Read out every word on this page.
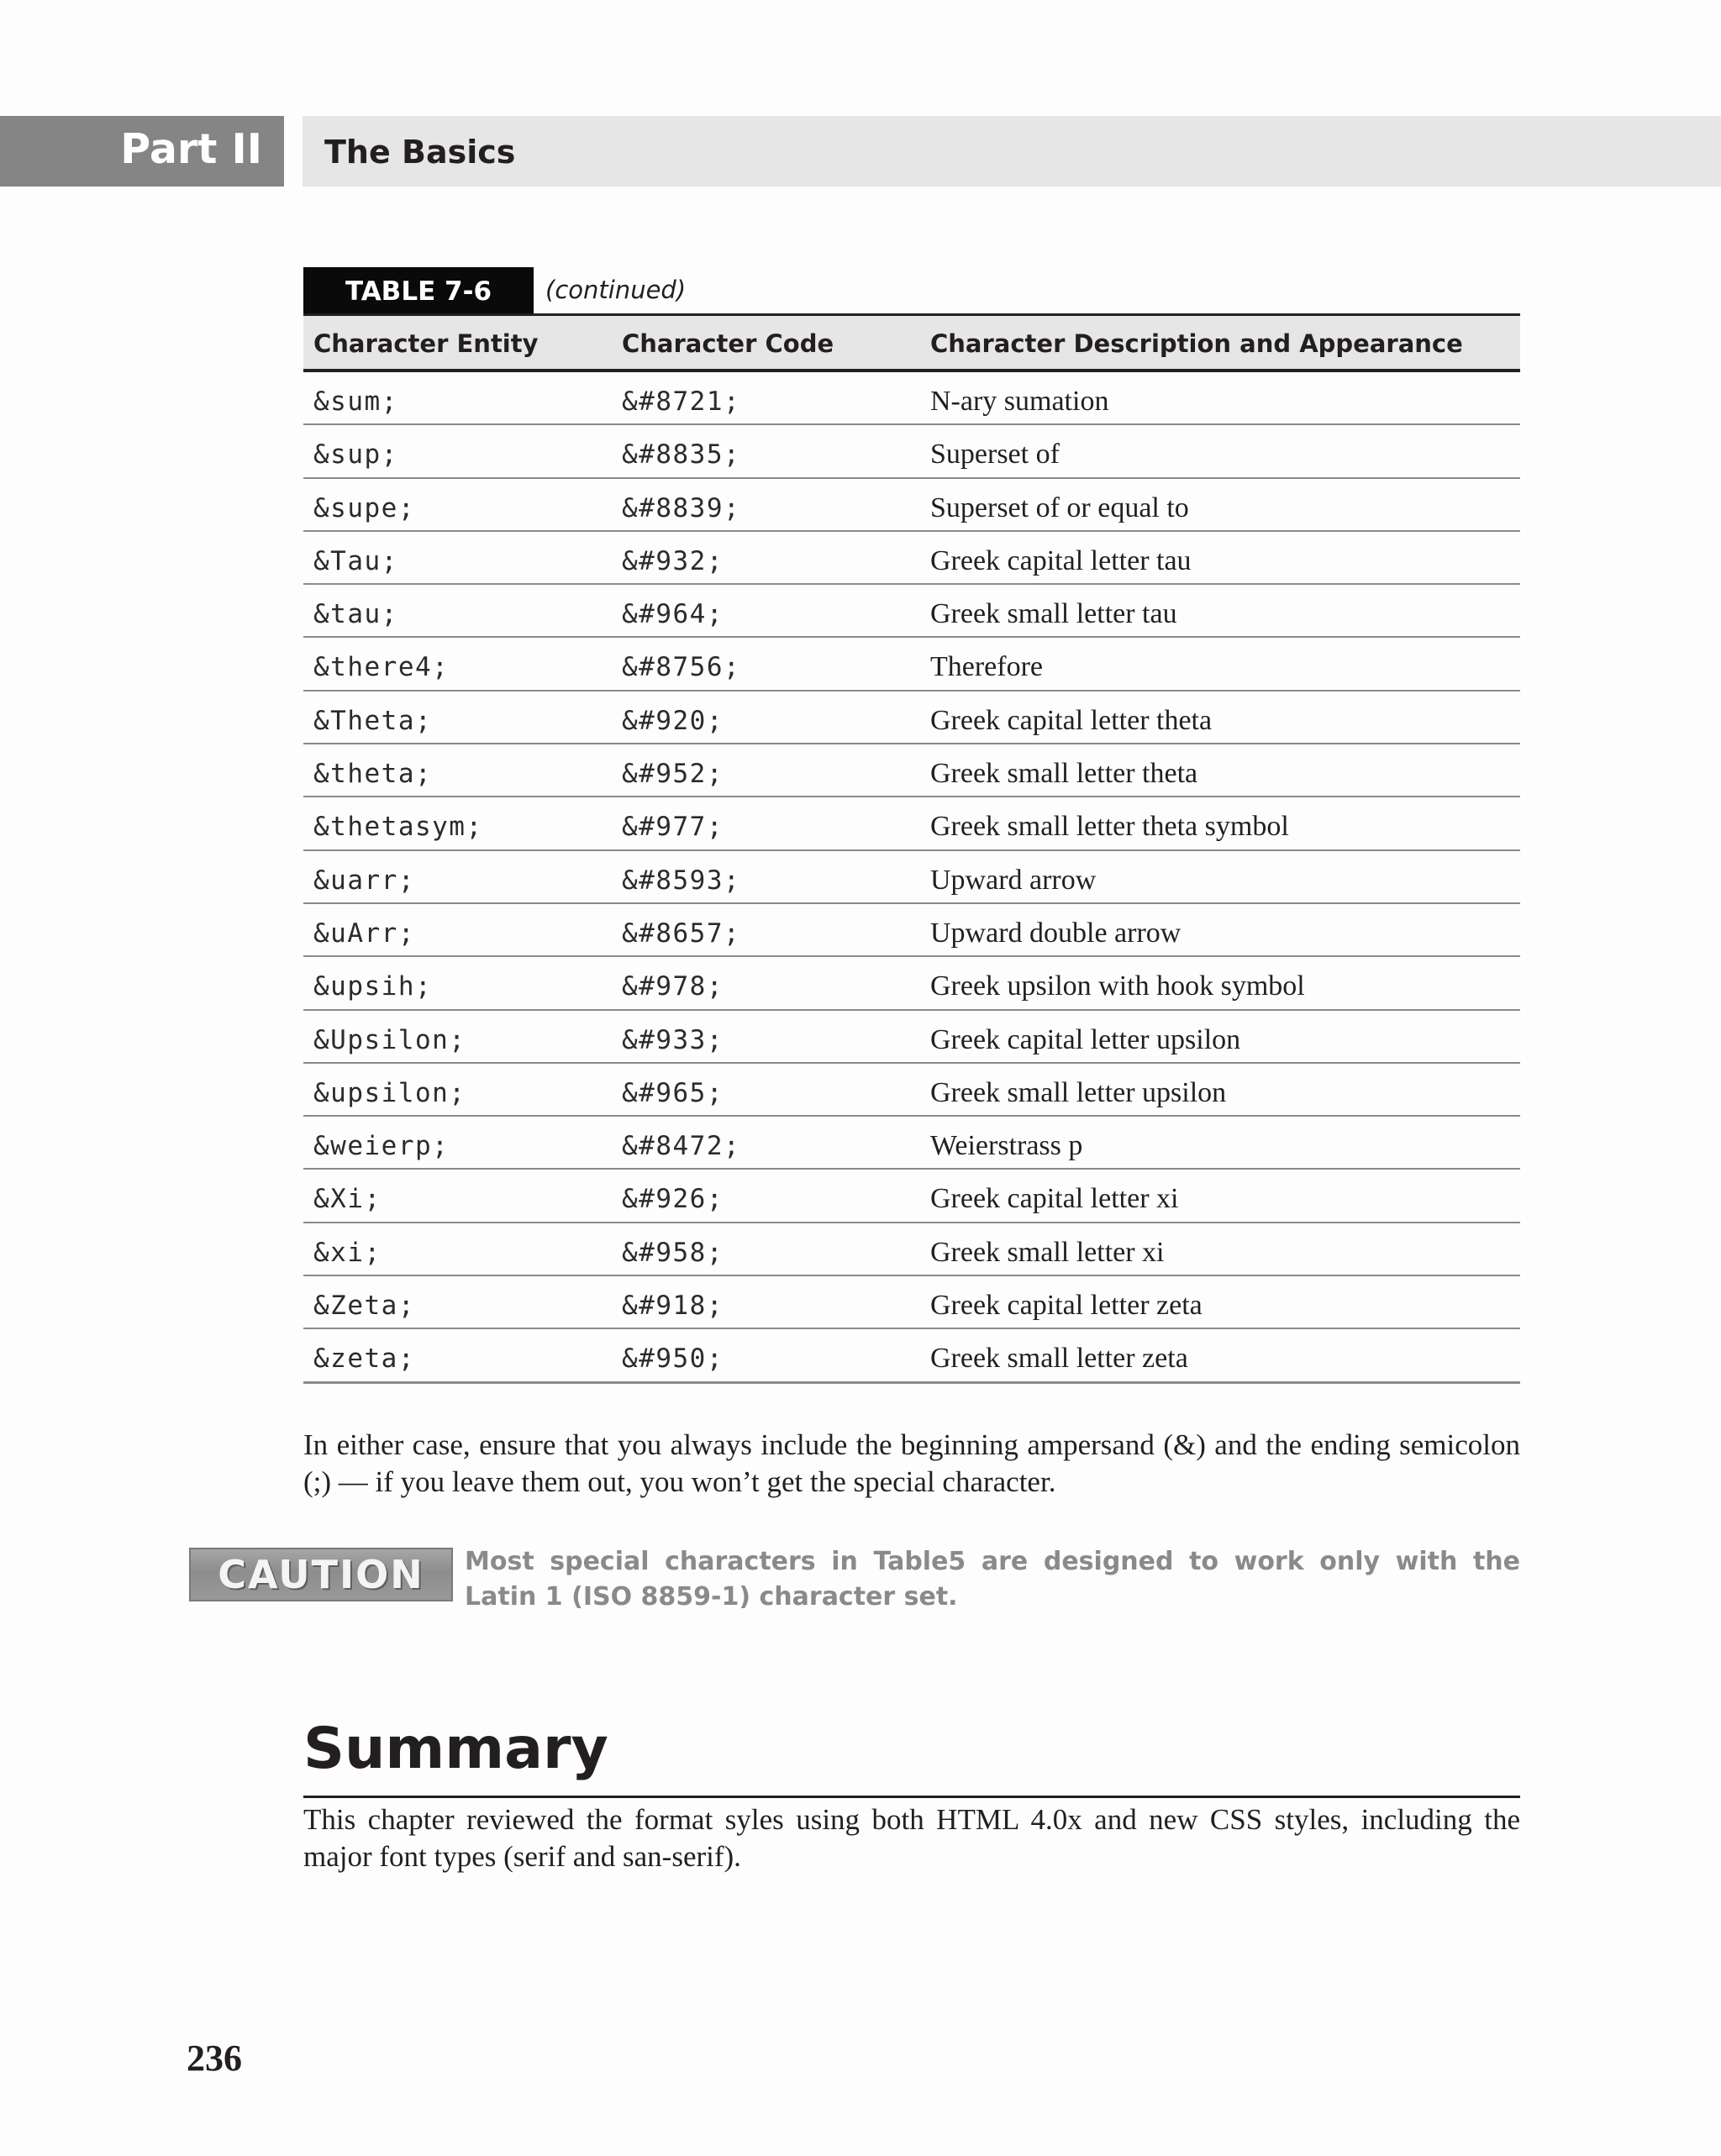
Part II The Basics
TABLE 7-6 (continued)
Character Entity	Character Code	Character Description and Appearance
&sum;	&#8721;	N-ary sumation
&sup;	&#8835;	Superset of
&supe;	&#8839;	Superset of or equal to
&Tau;	&#932;	Greek capital letter tau
&tau;	&#964;	Greek small letter tau
&there4;	&#8756;	Therefore
&Theta;	&#920;	Greek capital letter theta
&theta;	&#952;	Greek small letter theta
&thetasym;	&#977;	Greek small letter theta symbol
&uarr;	&#8593;	Upward arrow
&uArr;	&#8657;	Upward double arrow
&upsih;	&#978;	Greek upsilon with hook symbol
&Upsilon;	&#933;	Greek capital letter upsilon
&upsilon;	&#965;	Greek small letter upsilon
&weierp;	&#8472;	Weierstrass p
&Xi;	&#926;	Greek capital letter xi
&xi;	&#958;	Greek small letter xi
&Zeta;	&#918;	Greek capital letter zeta
&zeta;	&#950;	Greek small letter zeta

In either case, ensure that you always include the beginning ampersand (&) and the ending semicolon (;) — if you leave them out, you won’t get the special character.

CAUTION Most special characters in Table5 are designed to work only with the Latin 1 (ISO 8859-1) character set.

Summary

This chapter reviewed the format syles using both HTML 4.0x and new CSS styles, including the major font types (serif and san-serif).

236
